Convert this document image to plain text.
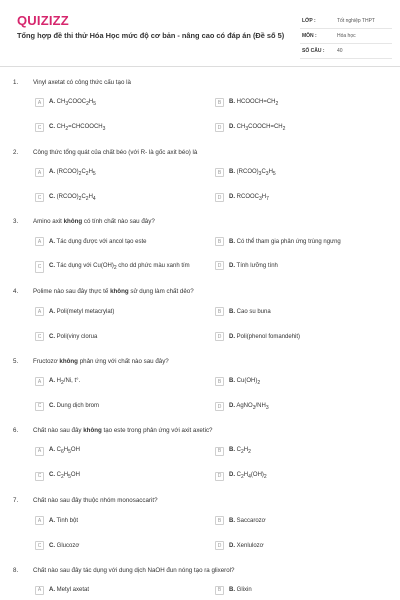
QUIZIZZ
Tổng hợp đề thi thử Hóa Học mức độ cơ bản - nâng cao có đáp án (Đề số 5)
LỚP :	Tốt nghiệp THPT
MÔN :	Hóa học
SỐ CÂU :	40
1. Vinyl axetat có công thức cấu tạo là
A	A. $CH_3COOC_2H_5$	B	B. $HCOOCH=CH_2$
C	C. $CH_2=CHCOOCH_3$	D	D. $CH_3COOCH=CH_2$
2. Công thức tổng quát của chất béo (với R- là gốc axit béo) là
A	A. $(RCOO)_2C_2H_5$	B	B. $(RCOO)_3C_3H_5$
C	C. $(RCOO)_2C_2H_4$	D	D. $RCOOC_3H_7$
3. Amino axit không có tính chất nào sau đây?
A	A. Tác dụng được với ancol tạo este	B	B. Có thể tham gia phản ứng trùng ngưng
C	C. Tác dụng với $Cu(OH)_2$ cho dd phức màu xanh tím	D	D. Tính lưỡng tính
4. Polime nào sau đây thực tế không sử dụng làm chất dẻo?
A	A. Poli(metyl metacrylat)	B	B. Cao su buna
C	C. Poli(viny clorua	D	D. Poli(phenol fomandehit)
5. Fructozơ không phản ứng với chất nào sau đây?
A	A. $H_2/Ni$, t°.	B	B. $Cu(OH)_2$
C	C. Dung dịch brom	D	D. $AgNO_3/NH_3$
6. Chất nào sau đây không tạo este trong phản ứng với axit axetic?
A	A. $C_6H_5OH$	B	B. $C_2H_2$
C	C. $C_2H_5OH$	D	D. $C_2H_4(OH)_2$
7. Chất nào sau đây thuộc nhóm monosaccarit?
A	A. Tinh bột	B	B. Saccarozơ
C	C. Glucozơ	D	D. Xenlulozơ
8. Chất nào sau đây tác dụng với dung dịch NaOH đun nóng tạo ra glixerol?
A	A. Metyl axetat	B	B. Glixin
